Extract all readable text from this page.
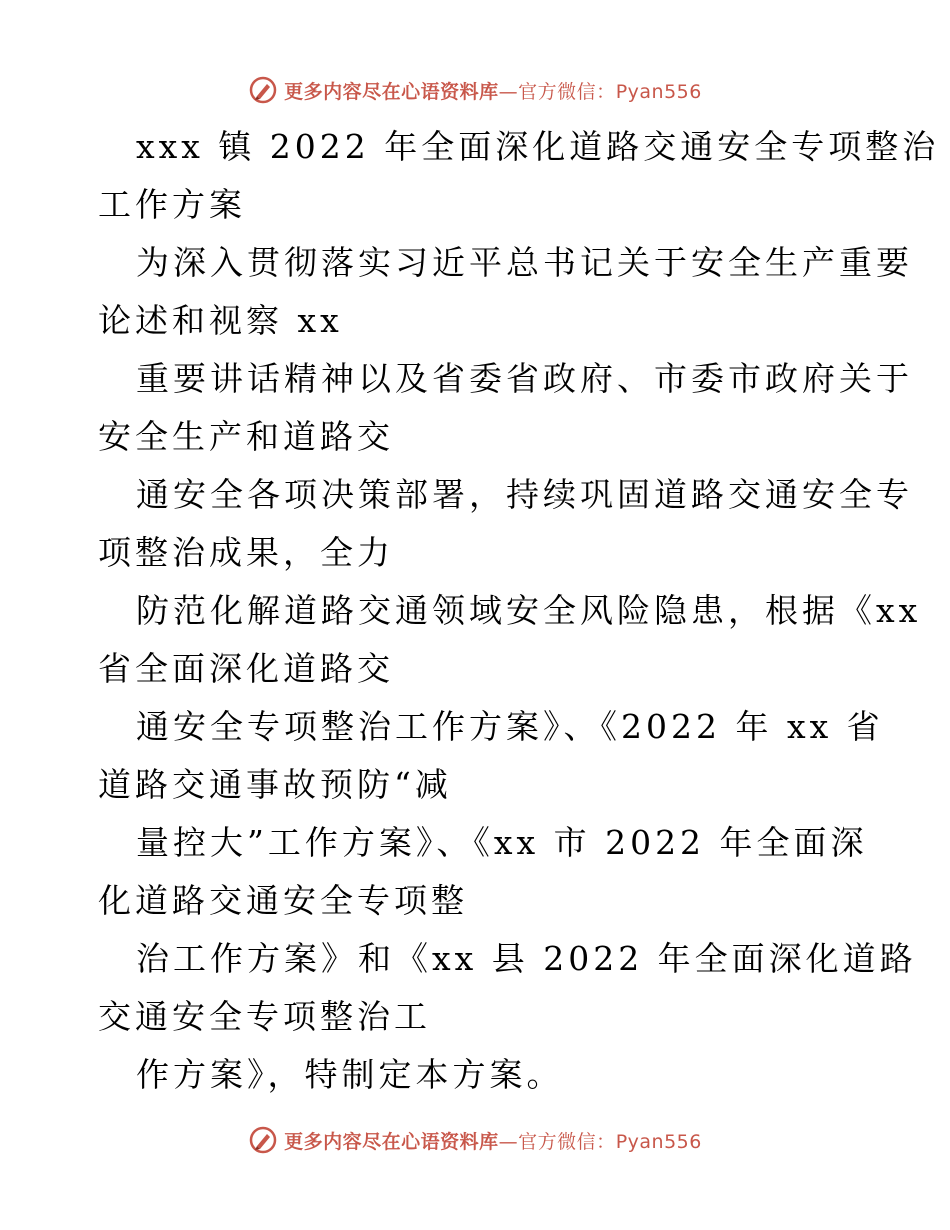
更多内容尽在心语资料库—官方微信：Pyan556
xxx 镇 2022 年全面深化道路交通安全专项整治
工作方案
为深入贯彻落实习近平总书记关于安全生产重要
论述和视察 xx
重要讲话精神以及省委省政府、市委市政府关于
安全生产和道路交
通安全各项决策部署，持续巩固道路交通安全专
项整治成果，全力
防范化解道路交通领域安全风险隐患，根据《xx
省全面深化道路交
通安全专项整治工作方案》、《2022 年 xx 省
道路交通事故预防“减
量控大”工作方案》、《xx 市 2022 年全面深
化道路交通安全专项整
治工作方案》和《xx 县 2022 年全面深化道路
交通安全专项整治工
作方案》，特制定本方案。
更多内容尽在心语资料库—官方微信：Pyan556
